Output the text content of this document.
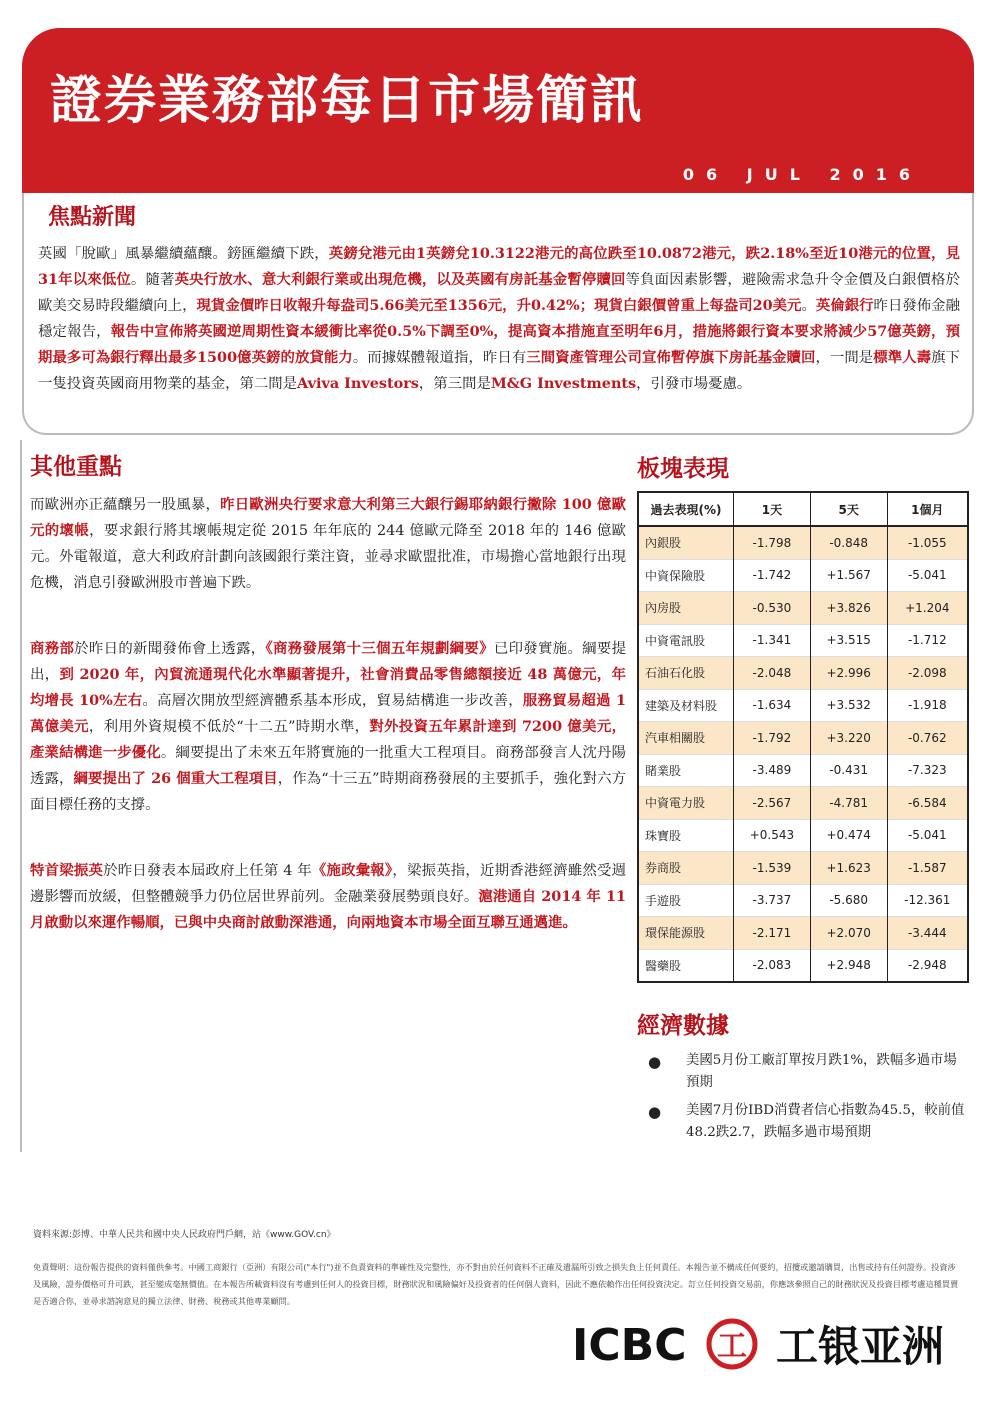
證券業務部每日市場簡訊
06 JUL 2016
焦點新聞
英國「脫歐」風暴繼續蘊釀。鎊匯繼續下跌，英鎊兌港元由1英鎊兌10.3122港元的高位跌至10.0872港元，跌2.18%至近10港元的位置，見31年以來低位。隨著英央行放水、意大利銀行業或出現危機，以及英國有房託基金暫停贖回等負面因素影響，避險需求急升令金價及白銀價格於歐美交易時段繼續向上，現貨金價昨日收報升每盎司5.66美元至1356元，升0.42%；現貨白銀價曾重上每盎司20美元。英倫銀行昨日發佈金融穩定報告，報告中宣佈將英國逆周期性資本緩衝比率從0.5%下調至0%，提高資本措施直至明年6月，措施將銀行資本要求將減少57億英鎊，預期最多可為銀行釋出最多1500億英鎊的放貸能力。而據媒體報道指，昨日有三間資產管理公司宣佈暫停旗下房託基金贖回，一間是標準人壽旗下一隻投資英國商用物業的基金，第二間是Aviva Investors，第三間是M&G Investments，引發市場憂慮。
其他重點

而歐洲亦正蘊釀另一股風暴，昨日歐洲央行要求意大利第三大銀行錫耶納銀行撇除 100 億歐元的壞帳，要求銀行將其壞帳規定從 2015 年年底的 244 億歐元降至 2018 年的 146 億歐元。外電報道，意大利政府計劃向該國銀行業注資，並尋求歐盟批准，市場擔心當地銀行出現危機，消息引發歐洲股市普遍下跌。

商務部於昨日的新聞發佈會上透露，《商務發展第十三個五年規劃綱要》已印發實施。綱要提出，到 2020 年，內貿流通現代化水準顯著提升，社會消費品零售總額接近 48 萬億元，年均增長 10%左右。高層次開放型經濟體系基本形成，貿易結構進一步改善，服務貿易超過 1 萬億美元，利用外資規模不低於“十二五”時期水準，對外投資五年累計達到 7200 億美元，產業結構進一步優化。綱要提出了未來五年將實施的一批重大工程項目。商務部發言人沈丹陽透露，綱要提出了 26 個重大工程項目，作為“十三五”時期商務發展的主要抓手，強化對六方面目標任務的支撐。

特首梁振英於昨日發表本屆政府上任第 4 年《施政彙報》，梁振英指，近期香港經濟雖然受週邊影響而放緩，但整體競爭力仍位居世界前列。金融業發展勢頭良好。滬港通自 2014 年 11 月啟動以來運作暢順，已與中央商討啟動深港通，向兩地資本市場全面互聯互通邁進。

板塊表現
過去表現(%)	1天	5天	1個月
內銀股	-1.798	-0.848	-1.055
中資保險股	-1.742	+1.567	-5.041
內房股	-0.530	+3.826	+1.204
中資電訊股	-1.341	+3.515	-1.712
石油石化股	-2.048	+2.996	-2.098
建築及材料股	-1.634	+3.532	-1.918
汽車相關股	-1.792	+3.220	-0.762
賭業股	-3.489	-0.431	-7.323
中資電力股	-2.567	-4.781	-6.584
珠寶股	+0.543	+0.474	-5.041
券商股	-1.539	+1.623	-1.587
手遊股	-3.737	-5.680	-12.361
環保能源股	-2.171	+2.070	-3.444
醫藥股	-2.083	+2.948	-2.948
經濟數據
● 美國5月份工廠訂單按月跌1%，跌幅多過市場預期
● 美國7月份IBD消費者信心指數為45.5，較前值48.2跌2.7，跌幅多過市場預期
資料來源:彭博、中華人民共和國中央人民政府門戶網，站《www.GOV.cn》
免責聲明：這份報告提供的資料僅供參考。中國工商銀行（亞洲）有限公司("本行")並不負責資料的準確性及完整性，亦不對由於任何資料不正確及遺漏所引致之損失負上任何責任。本報告並不構成任何要約，招攬或邀請購買，出售或持有任何證券。投資涉及風險，證券價格可升可跌，甚至變成毫無價值。在本報告所載資料沒有考慮到任何人的投資目標，財務狀況和風險偏好及投資者的任何個人資料，因此不應依賴作出任何投資決定。訂立任何投資交易前，你應該參照自己的財務狀況及投資目標考慮這種買賣是否適合你，並尋求諮詢意見的獨立法律、財務、稅務或其他專業顧問。
ICBC 工 工银亚洲
